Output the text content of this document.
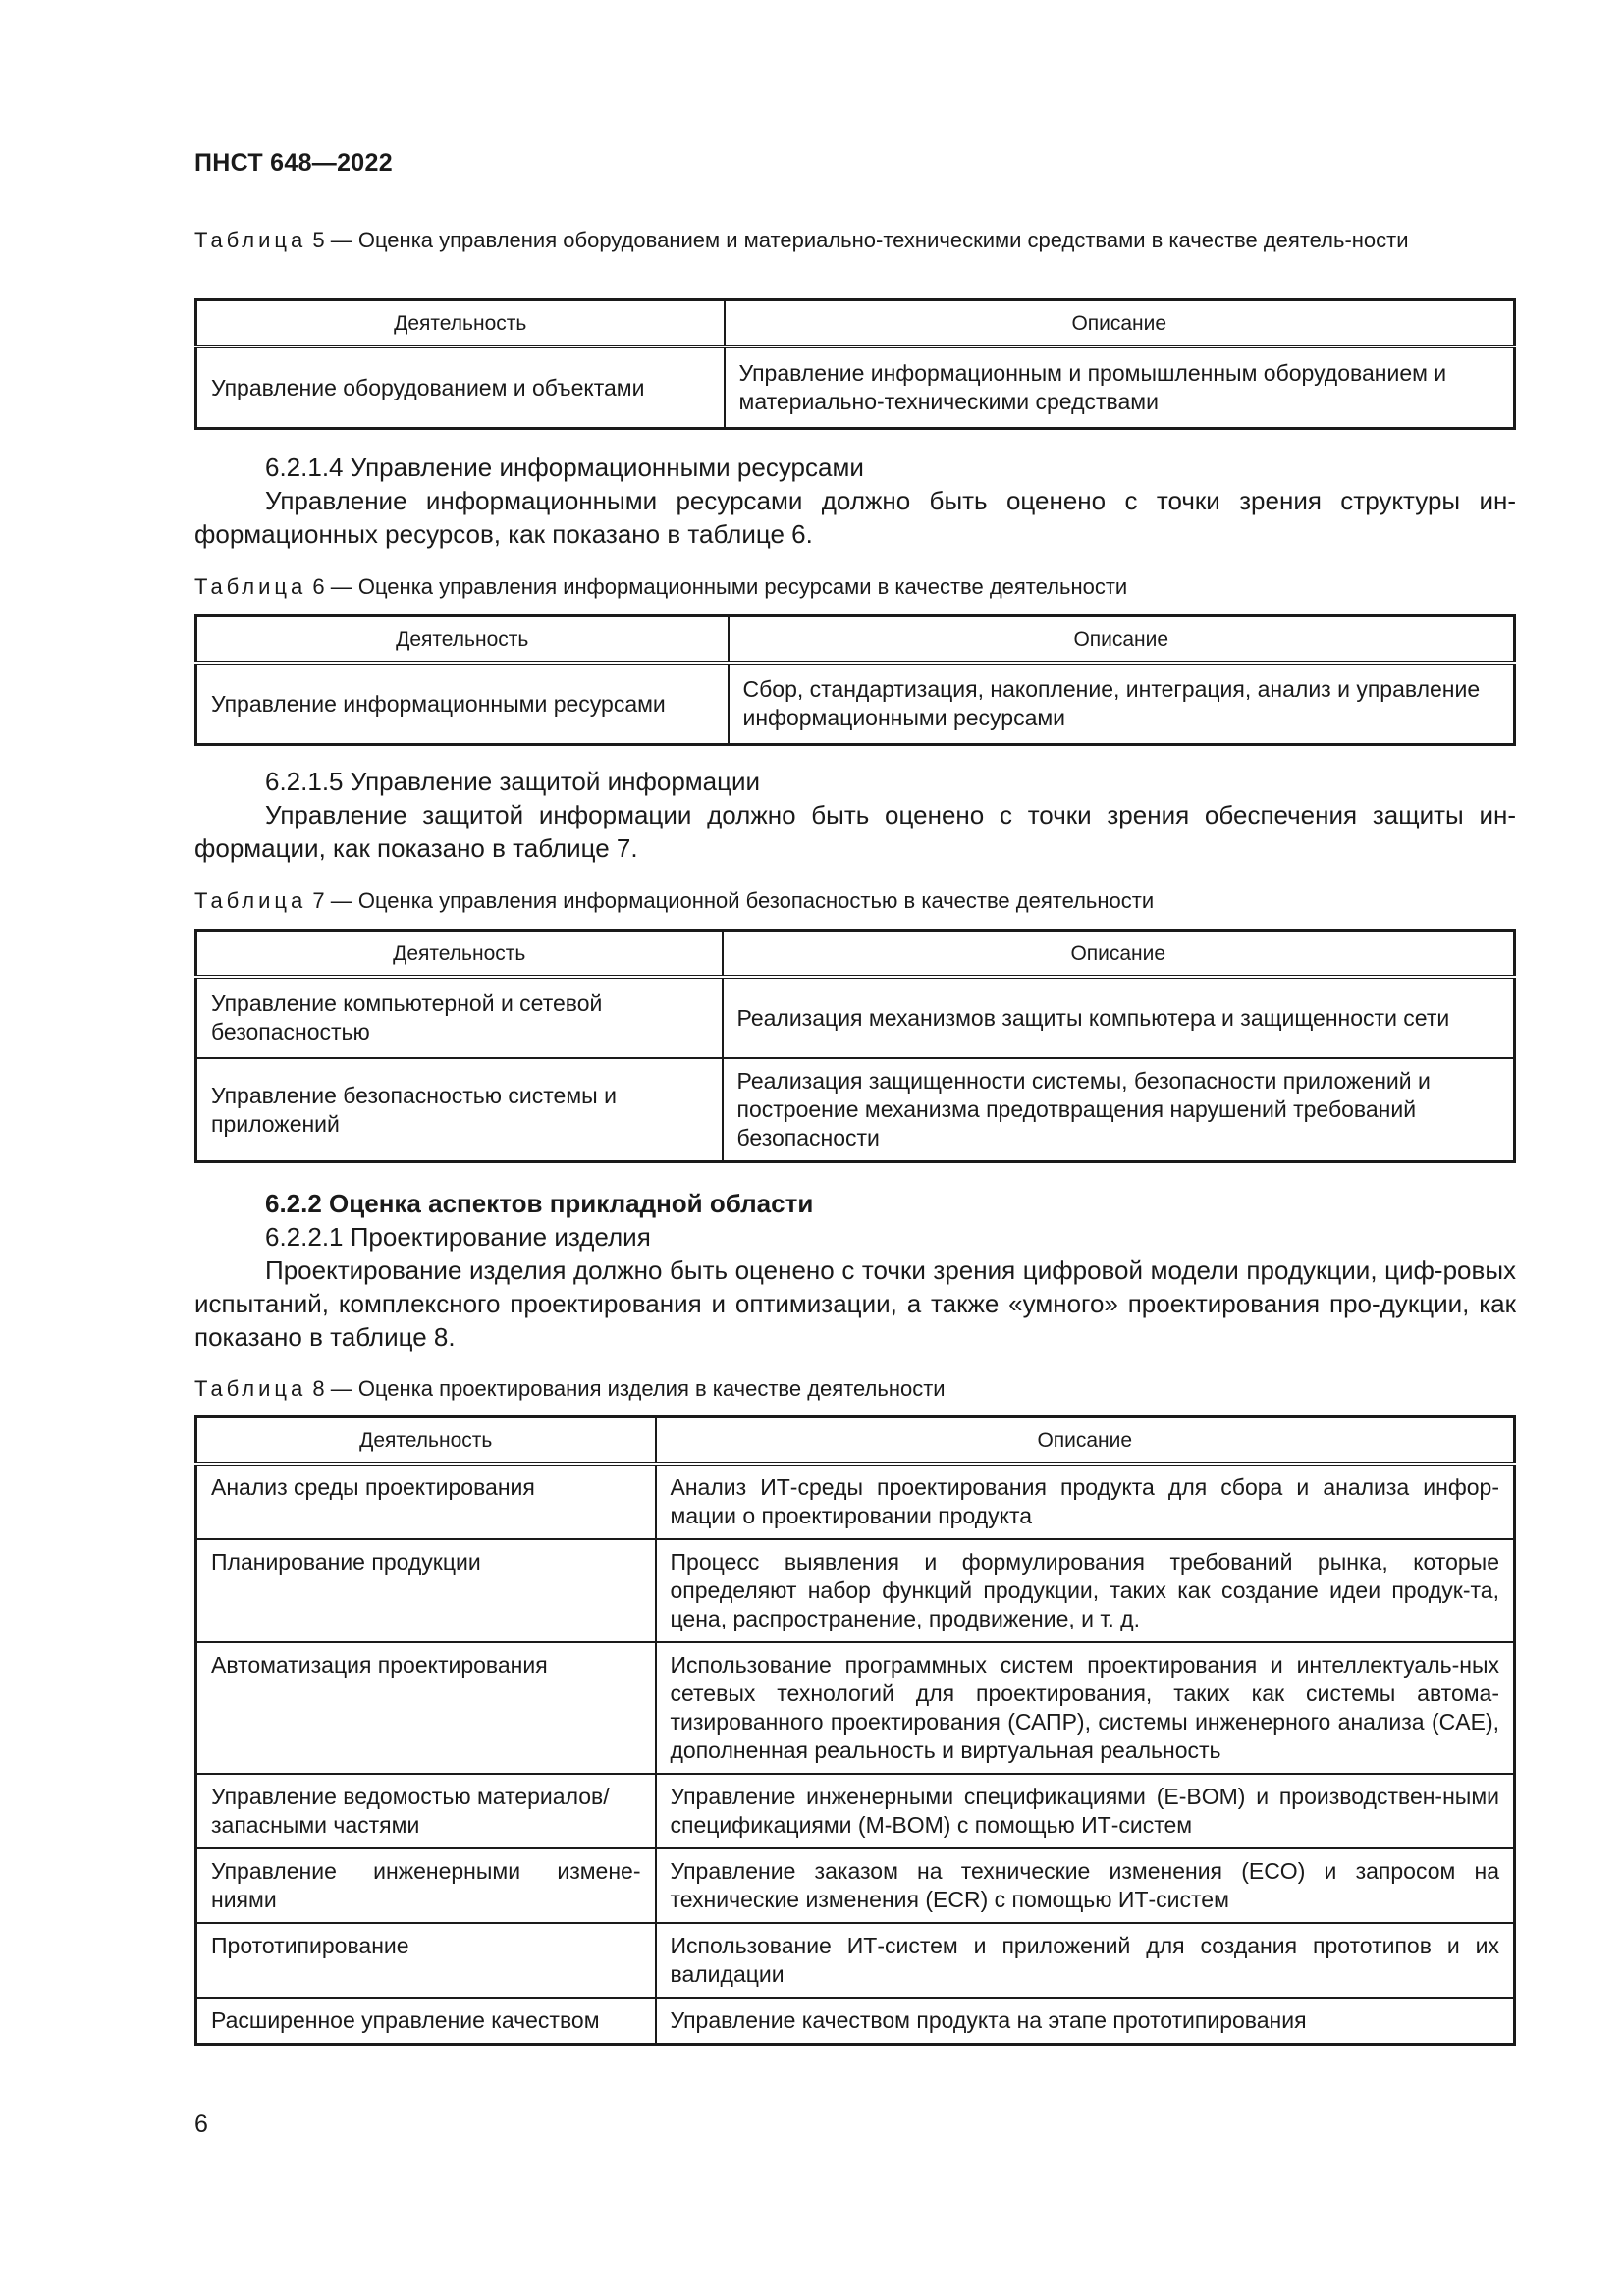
ПНСТ 648—2022
Таблица 5 — Оценка управления оборудованием и материально-техническими средствами в качестве деятель-ности
Деятельность	Описание
Управление оборудованием и объектами	Управление информационным и промышленным оборудованием и материально-техническими средствами
6.2.1.4 Управление информационными ресурсами
Управление информационными ресурсами должно быть оценено с точки зрения структуры ин-формационных ресурсов, как показано в таблице 6.
Таблица 6 — Оценка управления информационными ресурсами в качестве деятельности
Деятельность	Описание
Управление информационными ресурсами	Сбор, стандартизация, накопление, интеграция, анализ и управление информационными ресурсами
6.2.1.5 Управление защитой информации
Управление защитой информации должно быть оценено с точки зрения обеспечения защиты ин-формации, как показано в таблице 7.
Таблица 7 — Оценка управления информационной безопасностью в качестве деятельности
Деятельность	Описание
Управление компьютерной и сетевой безопасностью	Реализация механизмов защиты компьютера и защищенности сети
Управление безопасностью системы и приложений	Реализация защищенности системы, безопасности приложений и построение механизма предотвращения нарушений требований безопасности
6.2.2 Оценка аспектов прикладной области
6.2.2.1 Проектирование изделия
Проектирование изделия должно быть оценено с точки зрения цифровой модели продукции, циф-ровых испытаний, комплексного проектирования и оптимизации, а также «умного» проектирования про-дукции, как показано в таблице 8.
Таблица 8 — Оценка проектирования изделия в качестве деятельности
Деятельность	Описание
Анализ среды проектирования	Анализ ИТ-среды проектирования продукта для сбора и анализа инфор-мации о проектировании продукта
Планирование продукции	Процесс выявления и формулирования требований рынка, которые определяют набор функций продукции, таких как создание идеи продук-та, цена, распространение, продвижение, и т. д.
Автоматизация проектирования	Использование программных систем проектирования и интеллектуаль-ных сетевых технологий для проектирования, таких как системы автома-тизированного проектирования (САПР), системы инженерного анализа (CAE), дополненная реальность и виртуальная реальность
Управление ведомостью материалов/запасными частями	Управление инженерными спецификациями (E-BOM) и производствен-ными спецификациями (M-BOM) с помощью ИТ-систем
Управление инженерными измене-ниями	Управление заказом на технические изменения (ECO) и запросом на технические изменения (ECR) с помощью ИТ-систем
Прототипирование	Использование ИТ-систем и приложений для создания прототипов и их валидации
Расширенное управление качеством	Управление качеством продукта на этапе прототипирования
6
